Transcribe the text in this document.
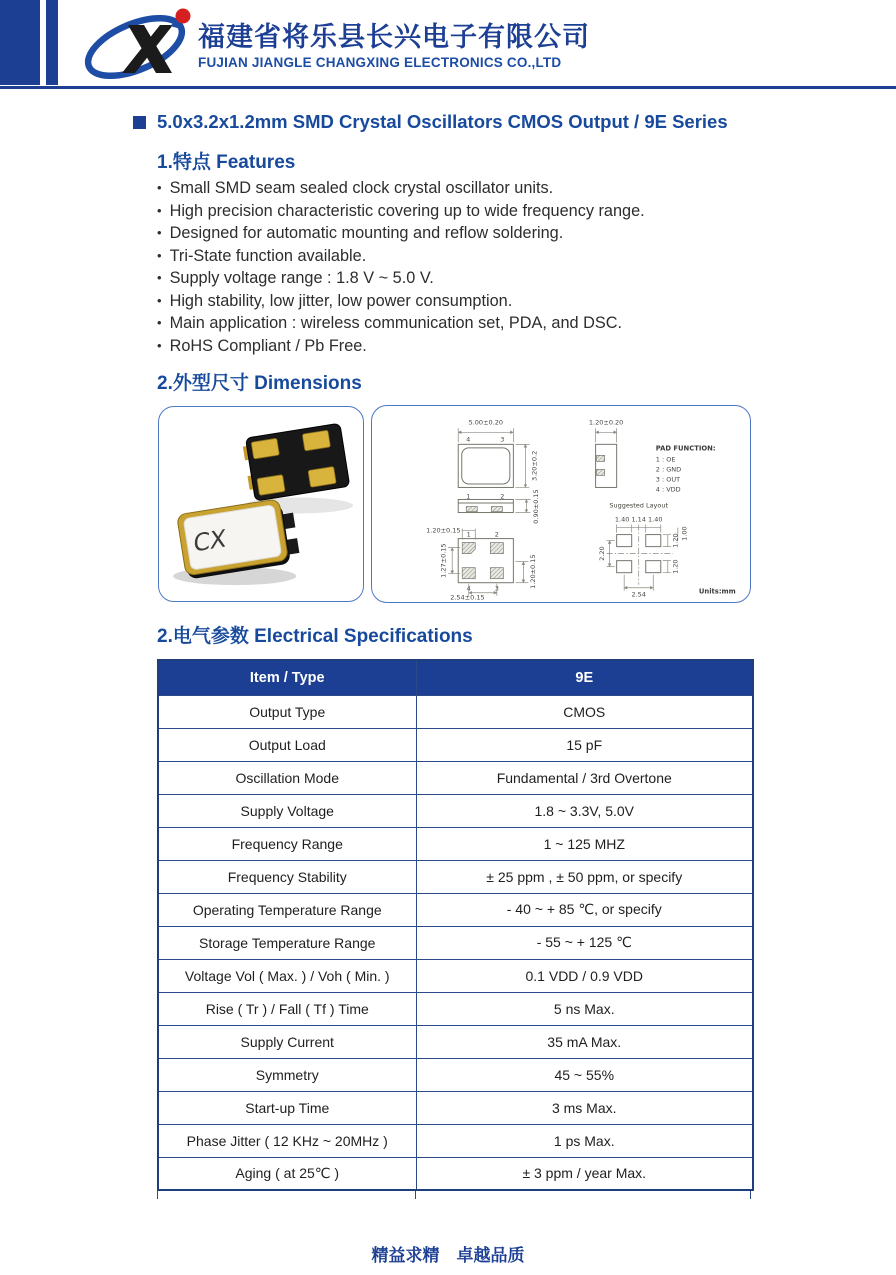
福建省将乐县长兴电子有限公司
FUJIAN JIANGLE CHANGXING ELECTRONICS CO.,LTD
5.0x3.2x1.2mm SMD Crystal Oscillators CMOS Output / 9E Series
1.特点 Features
• Small SMD seam sealed clock crystal oscillator units.
• High precision characteristic covering up to wide frequency range.
• Designed for automatic mounting and reflow soldering.
• Tri-State function available.
• Supply voltage range : 1.8 V ~ 5.0 V.
• High stability, low jitter, low power consumption.
• Main application : wireless communication set, PDA, and DSC.
• RoHS Compliant / Pb Free.
2.外型尺寸 Dimensions
CX
4	3
1	2
5.00±0.20
3.20±0.2
1.20±0.20
PAD FUNCTION:
1 : OE
2 : GND
3 : OUT
4 : VDD
0.90±0.15
1	2
4	3
1.20±0.15
1.27±0.15
2.54±0.15
1.20±0.15
Suggested Layout
1.40 1.14 1.40
2.20
1.20 1.00
1.20
2.54	Units:mm
2.电气参数 Electrical Specifications
Item / Type	9E
Output Type	CMOS
Output Load	15 pF
Oscillation Mode	Fundamental / 3rd Overtone
Supply Voltage	1.8 ~ 3.3V, 5.0V
Frequency Range	1 ~ 125 MHZ
Frequency Stability	± 25 ppm , ± 50 ppm, or specify
Operating Temperature Range	- 40 ~ + 85 ℃, or specify
Storage Temperature Range	- 55 ~ + 125 ℃
Voltage Vol ( Max. ) / Voh ( Min. )	0.1 VDD / 0.9 VDD
Rise ( Tr ) / Fall ( Tf ) Time	5 ns Max.
Supply Current	35 mA Max.
Symmetry	45 ~ 55%
Start-up Time	3 ms Max.
Phase Jitter ( 12 KHz ~ 20MHz )	1 ps Max.
Aging ( at 25℃ )	± 3 ppm / year Max.
精益求精　卓越品质
